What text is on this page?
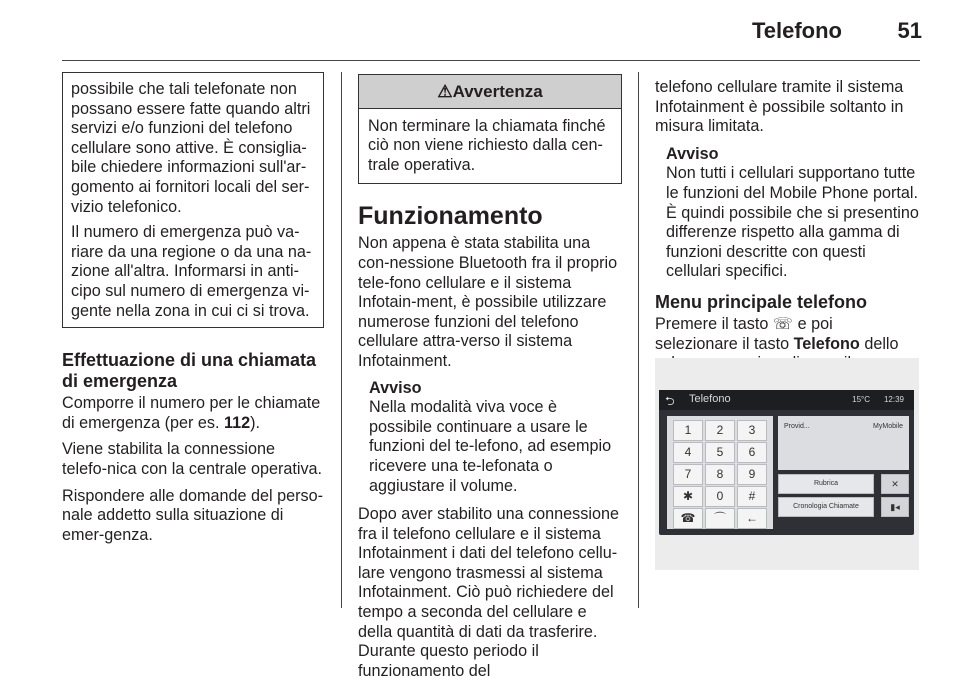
Telefono	51

possibile che tali telefonate non possano essere fatte quando altri servizi e/o funzioni del telefono cellulare sono attive. È consiglia-bile chiedere informazioni sull'ar-gomento ai fornitori locali del ser-vizio telefonico.

Il numero di emergenza può va-riare da una regione o da una na-zione all'altra. Informarsi in anti-cipo sul numero di emergenza vi-gente nella zona in cui ci si trova.

Effettuazione di una chiamata di emergenza

Comporre il numero per le chiamate di emergenza (per es. 112).

Viene stabilita la connessione telefo-nica con la centrale operativa.

Rispondere alle domande del perso-nale addetto sulla situazione di emer-genza.

⚠Avvertenza
Non terminare la chiamata finché ciò non viene richiesto dalla cen-trale operativa.
Funzionamento

Non appena è stata stabilita una con-nessione Bluetooth fra il proprio tele-fono cellulare e il sistema Infotain-ment, è possibile utilizzare numerose funzioni del telefono cellulare attra-verso il sistema Infotainment.

Avviso
Nella modalità viva voce è possibile continuare a usare le funzioni del te-lefono, ad esempio ricevere una te-lefonata o aggiustare il volume.

Dopo aver stabilito una connessione fra il telefono cellulare e il sistema Infotainment i dati del telefono cellu-lare vengono trasmessi al sistema Infotainment. Ciò può richiedere del tempo a seconda del cellulare e della quantità di dati da trasferire. Durante questo periodo il funzionamento del

telefono cellulare tramite il sistema Infotainment è possibile soltanto in misura limitata.

Avviso
Non tutti i cellulari supportano tutte le funzioni del Mobile Phone portal. È quindi possibile che si presentino differenze rispetto alla gamma di funzioni descritte con questi cellulari specifici.
Menu principale telefono

Premere il tasto ☏ e poi selezionare il tasto Telefono dello

⮌ Telefono	15°C 12:39
1	2	3
4	5	6
7	8	9
✱	0	#
☎	⌒	←
Provid...	MyMobile
Rubrica	✕
Cronologia Chiamate	▮◂
